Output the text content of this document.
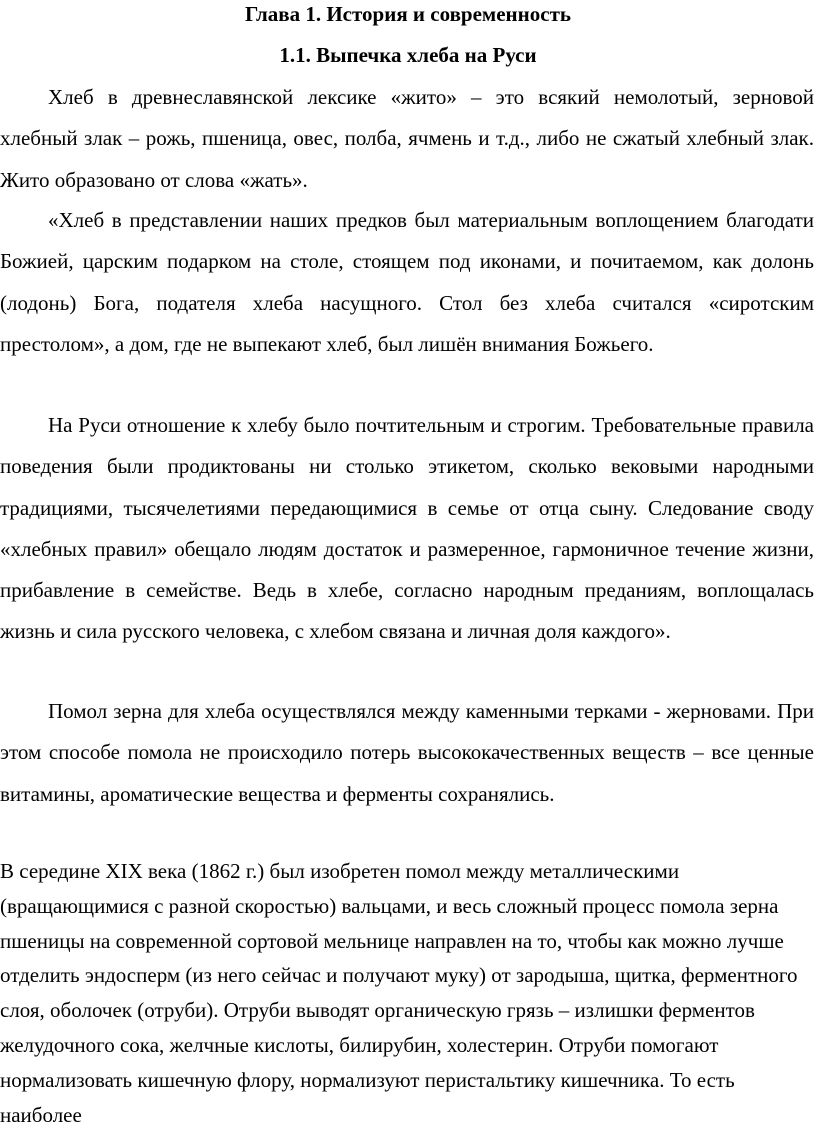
Глава 1. История и современность
1.1. Выпечка хлеба на Руси

Хлеб в древнеславянской лексике «жито» – это всякий немолотый, зерновой хлебный злак – рожь, пшеница, овес, полба, ячмень и т.д., либо не сжатый хлебный злак. Жито образовано от слова «жать».

«Хлеб в представлении наших предков был материальным воплощением благодати Божией, царским подарком на столе, стоящем под иконами, и почитаемом, как долонь (лодонь) Бога, подателя хлеба насущного. Стол без хлеба считался «сиротским престолом», а дом, где не выпекают хлеб, был лишён внимания Божьего.

На Руси отношение к хлебу было почтительным и строгим. Требовательные правила поведения были продиктованы ни столько этикетом, сколько вековыми народными традициями, тысячелетиями передающимися в семье от отца сыну. Следование своду «хлебных правил» обещало людям достаток и размеренное, гармоничное течение жизни, прибавление в семействе. Ведь в хлебе, согласно народным преданиям, воплощалась жизнь и сила русского человека, с хлебом связана и личная доля каждого».

Помол зерна для хлеба осуществлялся между каменными терками - жерновами. При этом способе помола не происходило потерь высококачественных веществ – все ценные витамины, ароматические вещества и ферменты сохранялись.

В середине XIX века (1862 г.) был изобретен помол между металлическими (вращающимися с разной скоростью) вальцами, и весь сложный процесс помола зерна пшеницы на современной сортовой мельнице направлен на то, чтобы как можно лучше отделить эндосперм (из него сейчас и получают муку) от зародыша, щитка, ферментного слоя, оболочек (отруби). Отруби выводят органическую грязь – излишки ферментов желудочного сока, желчные кислоты, билирубин, холестерин. Отруби помогают нормализовать кишечную флору, нормализуют перистальтику кишечника. То есть наиболее
